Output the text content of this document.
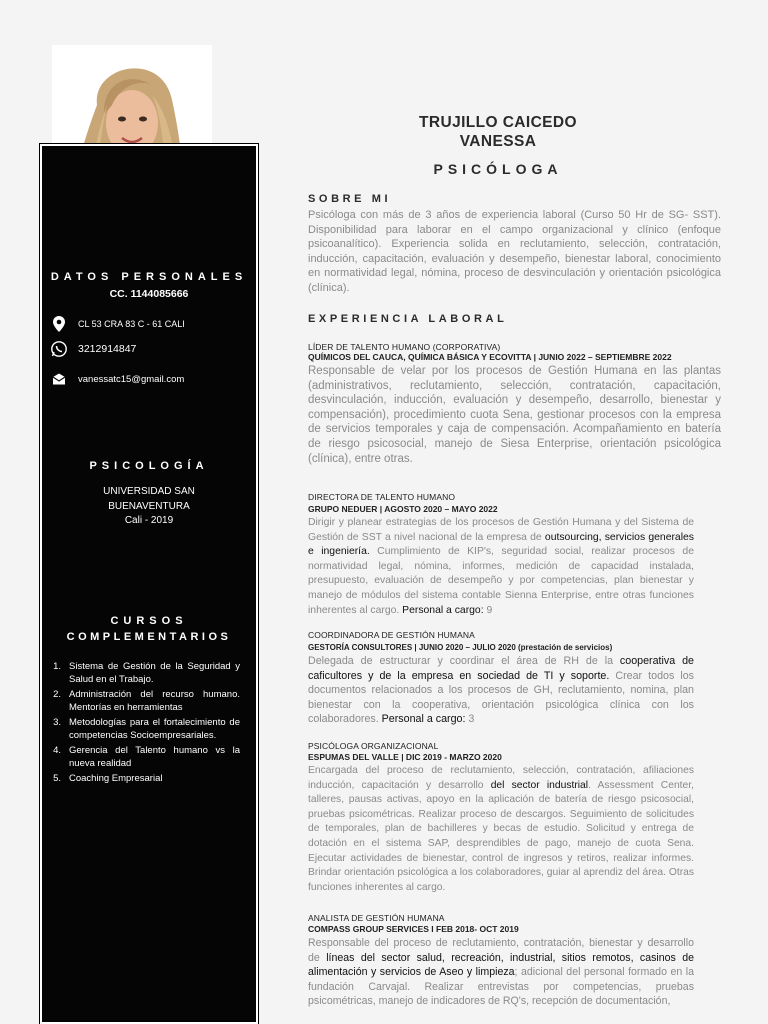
DATOS PERSONALES
CC. 1144085666
CL 53 CRA 83 C - 61 CALI
3212914847
vanessatc15@gmail.com
PSICOLOGÍA
UNIVERSIDAD SAN
BUENAVENTURA
Cali - 2019
CURSOS
COMPLEMENTARIOS
1. Sistema de Gestión de la Seguridad y Salud en el Trabajo.
2. Administración del recurso humano. Mentorías en herramientas
3. Metodologías para el fortalecimiento de competencias Socioempresariales.
4. Gerencia del Talento humano vs la nueva realidad
5. Coaching Empresarial
TRUJILLO CAICEDO
VANESSA
PSICÓLOGA
SOBRE MI
Psicóloga con más de 3 años de experiencia laboral (Curso 50 Hr de SG- SST). Disponibilidad para laborar en el campo organizacional y clínico (enfoque psicoanalítico). Experiencia solida en reclutamiento, selección, contratación, inducción, capacitación, evaluación y desempeño, bienestar laboral, conocimiento en normatividad legal, nómina, proceso de desvinculación y orientación psicológica (clínica).
EXPERIENCIA LABORAL
LÍDER DE TALENTO HUMANO (CORPORATIVA)
QUÍMICOS DEL CAUCA, QUÍMICA BÁSICA Y ECOVITTA | JUNIO 2022 – SEPTIEMBRE 2022
Responsable de velar por los procesos de Gestión Humana en las plantas (administrativos, reclutamiento, selección, contratación, capacitación, desvinculación, inducción, evaluación y desempeño, desarrollo, bienestar y compensación), procedimiento cuota Sena, gestionar procesos con la empresa de servicios temporales y caja de compensación. Acompañamiento en batería de riesgo psicosocial, manejo de Siesa Enterprise, orientación psicológica (clínica), entre otras.
DIRECTORA DE TALENTO HUMANO
GRUPO NEDUER | AGOSTO 2020 – MAYO 2022
Dirigir y planear estrategias de los procesos de Gestión Humana y del Sistema de Gestión de SST a nivel nacional de la empresa de outsourcing, servicios generales e ingeniería. Cumplimiento de KIP's, seguridad social, realizar procesos de normatividad legal, nómina, informes, medición de capacidad instalada, presupuesto, evaluación de desempeño y por competencias, plan bienestar y manejo de módulos del sistema contable Sienna Enterprise, entre otras funciones inherentes al cargo. Personal a cargo: 9
COORDINADORA DE GESTIÓN HUMANA
GESTORÍA CONSULTORES | JUNIO 2020 – JULIO 2020 (prestación de servicios)
Delegada de estructurar y coordinar el área de RH de la cooperativa de caficultores y de la empresa en sociedad de TI y soporte. Crear todos los documentos relacionados a los procesos de GH, reclutamiento, nomina, plan bienestar con la cooperativa, orientación psicológica clínica con los colaboradores. Personal a cargo: 3
PSICÓLOGA ORGANIZACIONAL
ESPUMAS DEL VALLE | DIC 2019 - MARZO 2020
Encargada del proceso de reclutamiento, selección, contratación, afiliaciones inducción, capacitación y desarrollo del sector industrial. Assessment Center, talleres, pausas activas, apoyo en la aplicación de batería de riesgo psicosocial, pruebas psicométricas. Realizar proceso de descargos. Seguimiento de solicitudes de temporales, plan de bachilleres y becas de estudio. Solicitud y entrega de dotación en el sistema SAP, desprendibles de pago, manejo de cuota Sena. Ejecutar actividades de bienestar, control de ingresos y retiros, realizar informes. Brindar orientación psicológica a los colaboradores, guiar al aprendiz del área. Otras funciones inherentes al cargo.
ANALISTA DE GESTIÓN HUMANA
COMPASS GROUP SERVICES I FEB 2018- OCT 2019
Responsable del proceso de reclutamiento, contratación, bienestar y desarrollo de líneas del sector salud, recreación, industrial, sitios remotos, casinos de alimentación y servicios de Aseo y limpieza; adicional del personal formado en la fundación Carvajal. Realizar entrevistas por competencias, pruebas psicométricas, manejo de indicadores de RQ's, recepción de documentación,
